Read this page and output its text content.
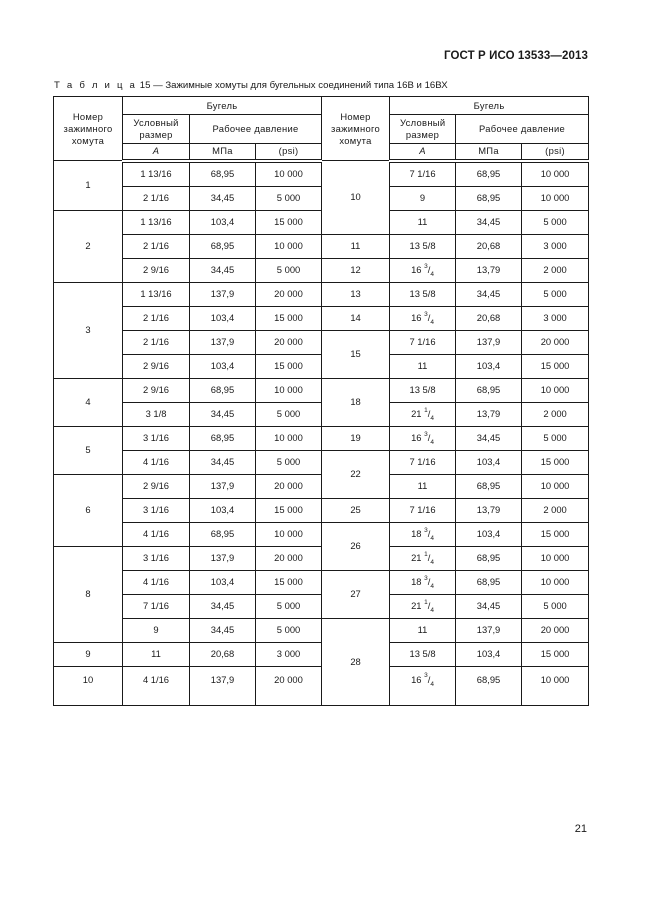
ГОСТ Р ИСО 13533—2013
Т а б л и ц а 15 — Зажимные хомуты для бугельных соединений типа 16В и 16ВХ
Номер зажимного хомута	Бугель			Номер зажимного хомута	Бугель		
	Условный размер	Рабочее давление			Условный размер	Рабочее давление	
	A	МПа	(psi)		A	МПа	(psi)
1	1 13/16	68,95	10 000	10	7 1/16	68,95	10 000
	2 1/16	34,45	5 000		9	68,95	10 000
2	1 13/16	103,4	15 000		11	34,45	5 000
	2 1/16	68,95	10 000	11	13 5/8	20,68	3 000
	2 9/16	34,45	5 000	12	16 $^3/_4$	13,79	2 000
3	1 13/16	137,9	20 000	13	13 5/8	34,45	5 000
	2 1/16	103,4	15 000	14	16 $^3/_4$	20,68	3 000
	2 1/16	137,9	20 000	15	7 1/16	137,9	20 000
	2 9/16	103,4	15 000		11	103,4	15 000
4	2 9/16	68,95	10 000	18	13 5/8	68,95	10 000
	3 1/8	34,45	5 000		21 $^1/_4$	13,79	2 000
5	3 1/16	68,95	10 000	19	16 $^3/_4$	34,45	5 000
	4 1/16	34,45	5 000	22	7 1/16	103,4	15 000
6	2 9/16	137,9	20 000		11	68,95	10 000
	3 1/16	103,4	15 000	25	7 1/16	13,79	2 000
	4 1/16	68,95	10 000	26	18 $^3/_4$	103,4	15 000
8	3 1/16	137,9	20 000		21 $^1/_4$	68,95	10 000
	4 1/16	103,4	15 000	27	18 $^3/_4$	68,95	10 000
	7 1/16	34,45	5 000		21 $^1/_4$	34,45	5 000
	9	34,45	5 000	28	11	137,9	20 000
9	11	20,68	3 000		13 5/8	103,4	15 000
10	4 1/16	137,9	20 000		16 $^3/_4$	68,95	10 000
21
